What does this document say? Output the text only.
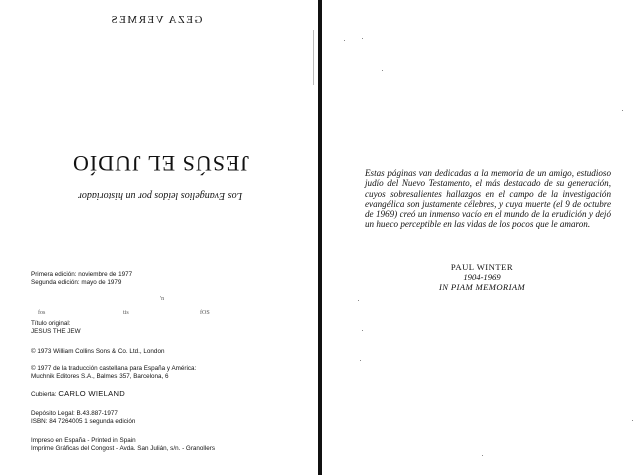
GEZA VERMES
JESÚS EL JUDÍO
Los Evangelios leídos por un historiador
'n
fos	fOS
tis
Primera edición: noviembre de 1977
Segunda edición: mayo de 1979
Título original:
JESUS THE JEW
© 1973 William Collins Sons & Co. Ltd., London
© 1977 de la traducción castellana para España y América:
Muchnik Editores S.A., Balmes 357, Barcelona, 6
Cubierta: CARLO WIELAND
Depósito Legal: B.43.887-1977
ISBN: 84 7264005 1 segunda edición
Impreso en España - Printed in Spain
Imprime Gráficas del Congost - Avda. San Julián, s/n. - Granollers
Estas páginas van dedicadas a la memoria de un amigo, estudioso judío del Nuevo Testamento, el más destacado de su generación, cuyos sobresalientes hallazgos en el campo de la investigación evangélica son justamente célebres, y cuya muerte (el 9 de octubre de 1969) creó un inmenso vacío en el mundo de la erudición y dejó un hueco perceptible en las vidas de los pocos que le amaron.
PAUL WINTER
1904-1969
IN PIAM MEMORIAM
